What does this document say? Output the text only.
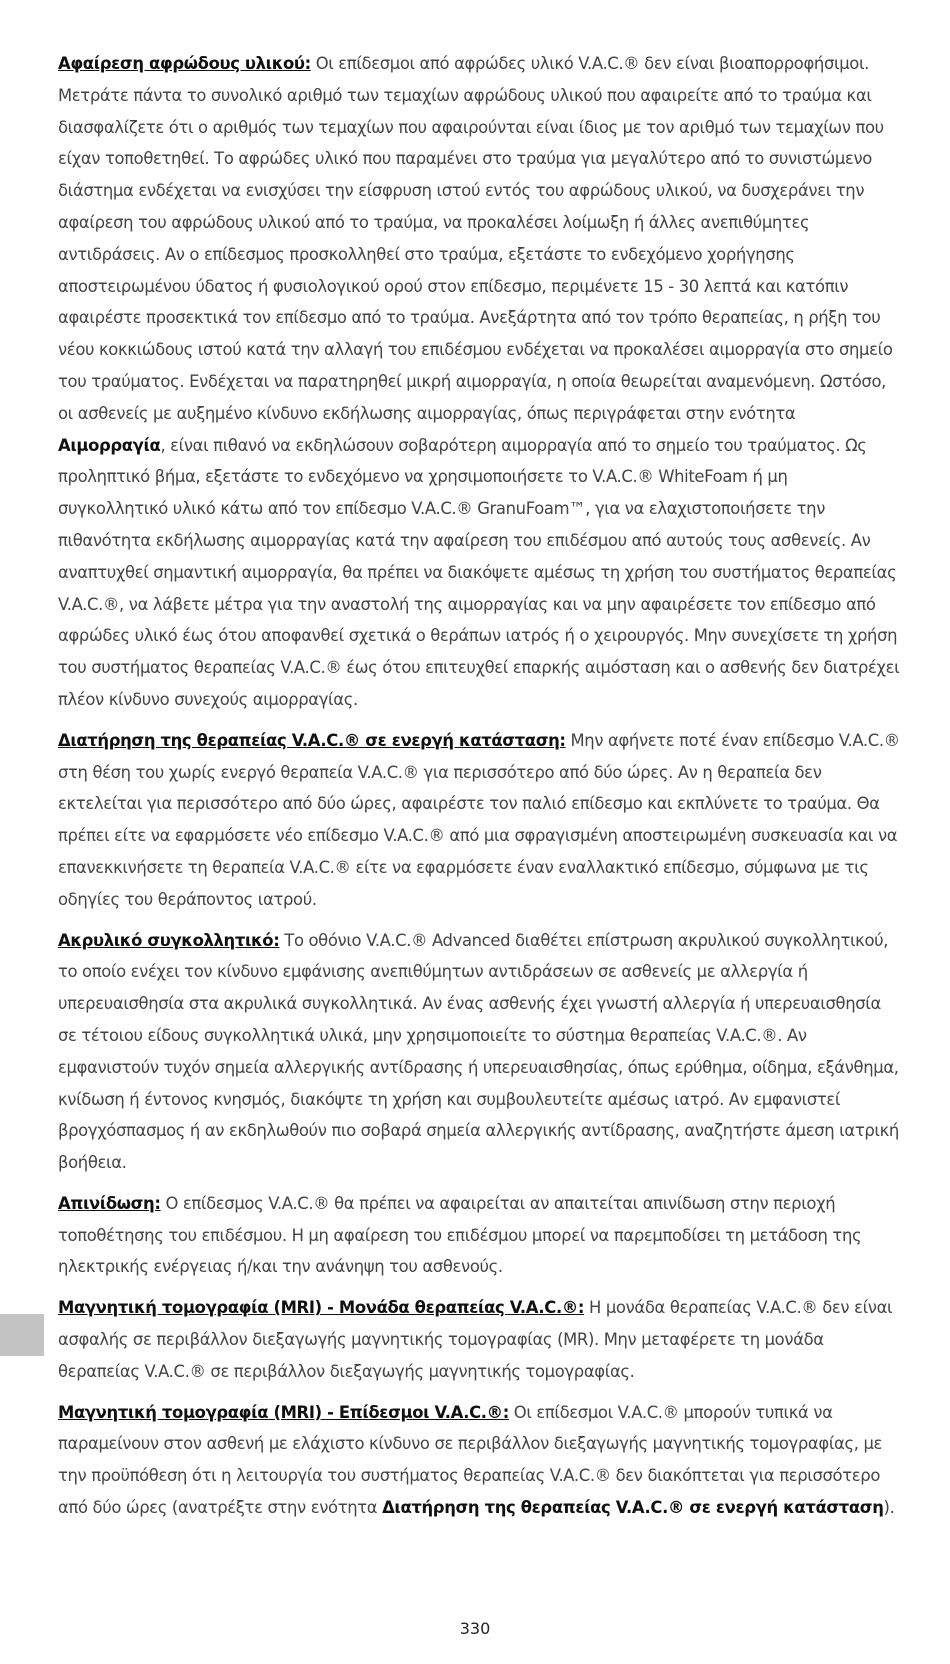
Αφαίρεση αφρώδους υλικού: Οι επίδεσμοι από αφρώδες υλικό V.A.C.® δεν είναι βιοαπορροφήσιμοι. Μετράτε πάντα το συνολικό αριθμό των τεμαχίων αφρώδους υλικού που αφαιρείτε από το τραύμα και διασφαλίζετε ότι ο αριθμός των τεμαχίων που αφαιρούνται είναι ίδιος με τον αριθμό των τεμαχίων που είχαν τοποθετηθεί. Το αφρώδες υλικό που παραμένει στο τραύμα για μεγαλύτερο από το συνιστώμενο διάστημα ενδέχεται να ενισχύσει την είσφρυση ιστού εντός του αφρώδους υλικού, να δυσχεράνει την αφαίρεση του αφρώδους υλικού από το τραύμα, να προκαλέσει λοίμωξη ή άλλες ανεπιθύμητες αντιδράσεις. Αν ο επίδεσμος προσκολληθεί στο τραύμα, εξετάστε το ενδεχόμενο χορήγησης αποστειρωμένου ύδατος ή φυσιολογικού ορού στον επίδεσμο, περιμένετε 15 - 30 λεπτά και κατόπιν αφαιρέστε προσεκτικά τον επίδεσμο από το τραύμα. Ανεξάρτητα από τον τρόπο θεραπείας, η ρήξη του νέου κοκκιώδους ιστού κατά την αλλαγή του επιδέσμου ενδέχεται να προκαλέσει αιμορραγία στο σημείο του τραύματος. Ενδέχεται να παρατηρηθεί μικρή αιμορραγία, η οποία θεωρείται αναμενόμενη. Ωστόσο, οι ασθενείς με αυξημένο κίνδυνο εκδήλωσης αιμορραγίας, όπως περιγράφεται στην ενότητα Αιμορραγία, είναι πιθανό να εκδηλώσουν σοβαρότερη αιμορραγία από το σημείο του τραύματος. Ως προληπτικό βήμα, εξετάστε το ενδεχόμενο να χρησιμοποιήσετε το V.A.C.® WhiteFoam ή μη συγκολλητικό υλικό κάτω από τον επίδεσμο V.A.C.® GranuFoam™, για να ελαχιστοποιήσετε την πιθανότητα εκδήλωσης αιμορραγίας κατά την αφαίρεση του επιδέσμου από αυτούς τους ασθενείς. Αν αναπτυχθεί σημαντική αιμορραγία, θα πρέπει να διακόψετε αμέσως τη χρήση του συστήματος θεραπείας V.A.C.®, να λάβετε μέτρα για την αναστολή της αιμορραγίας και να μην αφαιρέσετε τον επίδεσμο από αφρώδες υλικό έως ότου αποφανθεί σχετικά ο θεράπων ιατρός ή ο χειρουργός. Μην συνεχίσετε τη χρήση του συστήματος θεραπείας V.A.C.® έως ότου επιτευχθεί επαρκής αιμόσταση και ο ασθενής δεν διατρέχει πλέον κίνδυνο συνεχούς αιμορραγίας.

Διατήρηση της θεραπείας V.A.C.® σε ενεργή κατάσταση: Μην αφήνετε ποτέ έναν επίδεσμο V.A.C.® στη θέση του χωρίς ενεργό θεραπεία V.A.C.® για περισσότερο από δύο ώρες. Αν η θεραπεία δεν εκτελείται για περισσότερο από δύο ώρες, αφαιρέστε τον παλιό επίδεσμο και εκπλύνετε το τραύμα. Θα πρέπει είτε να εφαρμόσετε νέο επίδεσμο V.A.C.® από μια σφραγισμένη αποστειρωμένη συσκευασία και να επανεκκινήσετε τη θεραπεία V.A.C.® είτε να εφαρμόσετε έναν εναλλακτικό επίδεσμο, σύμφωνα με τις οδηγίες του θεράποντος ιατρού.

Ακρυλικό συγκολλητικό: Το οθόνιο V.A.C.® Advanced διαθέτει επίστρωση ακρυλικού συγκολλητικού, το οποίο ενέχει τον κίνδυνο εμφάνισης ανεπιθύμητων αντιδράσεων σε ασθενείς με αλλεργία ή υπερευαισθησία στα ακρυλικά συγκολλητικά. Αν ένας ασθενής έχει γνωστή αλλεργία ή υπερευαισθησία σε τέτοιου είδους συγκολλητικά υλικά, μην χρησιμοποιείτε το σύστημα θεραπείας V.A.C.®. Αν εμφανιστούν τυχόν σημεία αλλεργικής αντίδρασης ή υπερευαισθησίας, όπως ερύθημα, οίδημα, εξάνθημα, κνίδωση ή έντονος κνησμός, διακόψτε τη χρήση και συμβουλευτείτε αμέσως ιατρό. Αν εμφανιστεί βρογχόσπασμος ή αν εκδηλωθούν πιο σοβαρά σημεία αλλεργικής αντίδρασης, αναζητήστε άμεση ιατρική βοήθεια.

Απινίδωση: Ο επίδεσμος V.A.C.® θα πρέπει να αφαιρείται αν απαιτείται απινίδωση στην περιοχή τοποθέτησης του επιδέσμου. Η μη αφαίρεση του επιδέσμου μπορεί να παρεμποδίσει τη μετάδοση της ηλεκτρικής ενέργειας ή/και την ανάνηψη του ασθενούς.

Μαγνητική τομογραφία (MRI) - Μονάδα θεραπείας V.A.C.®: Η μονάδα θεραπείας V.A.C.® δεν είναι ασφαλής σε περιβάλλον διεξαγωγής μαγνητικής τομογραφίας (MR). Μην μεταφέρετε τη μονάδα θεραπείας V.A.C.® σε περιβάλλον διεξαγωγής μαγνητικής τομογραφίας.

Μαγνητική τομογραφία (MRI) - Επίδεσμοι V.A.C.®: Οι επίδεσμοι V.A.C.® μπορούν τυπικά να παραμείνουν στον ασθενή με ελάχιστο κίνδυνο σε περιβάλλον διεξαγωγής μαγνητικής τομογραφίας, με την προϋπόθεση ότι η λειτουργία του συστήματος θεραπείας V.A.C.® δεν διακόπτεται για περισσότερο από δύο ώρες (ανατρέξτε στην ενότητα Διατήρηση της θεραπείας V.A.C.® σε ενεργή κατάσταση).

330
